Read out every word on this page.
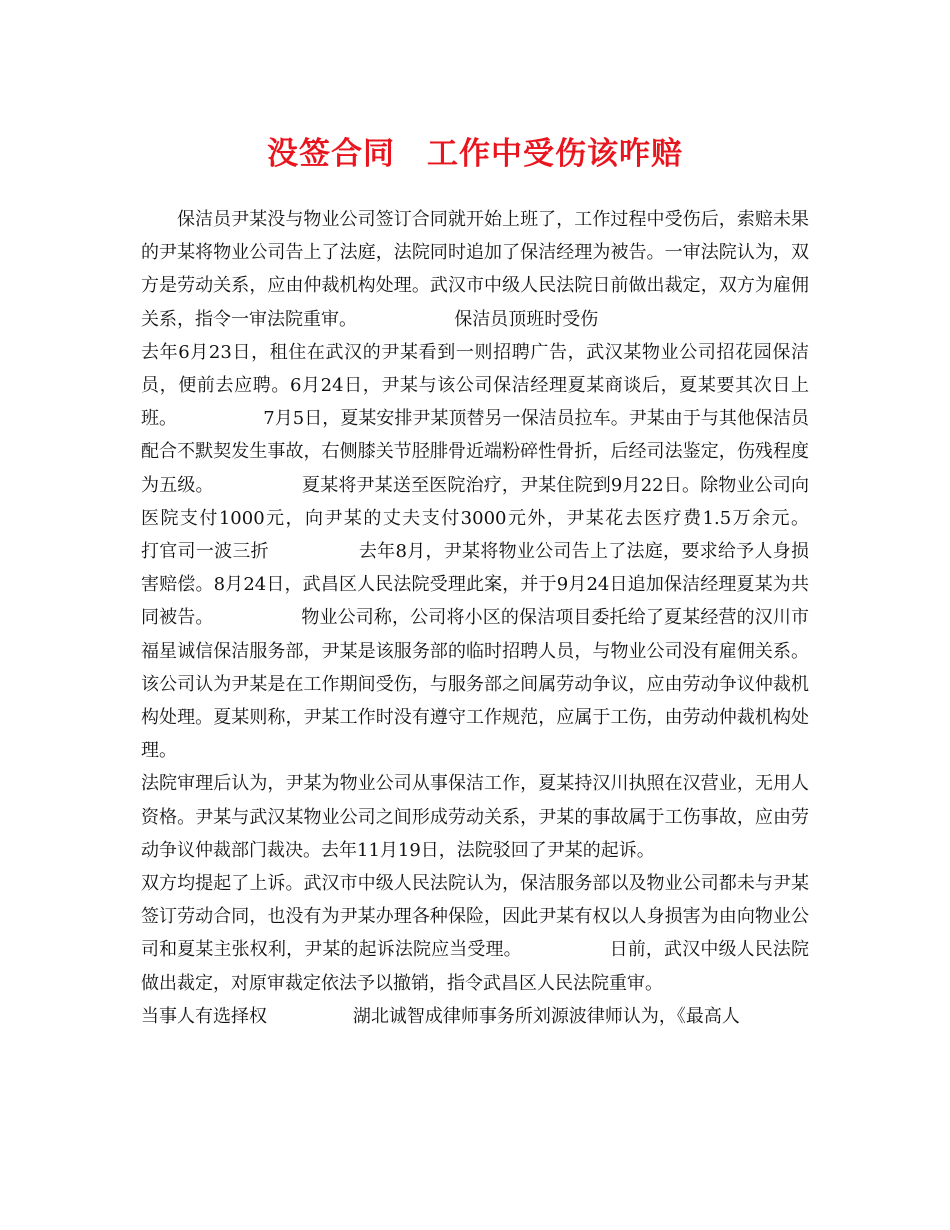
没签合同　工作中受伤该咋赔

保洁员尹某没与物业公司签订合同就开始上班了，工作过程中受伤后，索赔未果的尹某将物业公司告上了法庭，法院同时追加了保洁经理为被告。一审法院认为，双方是劳动关系，应由仲裁机构处理。武汉市中级人民法院日前做出裁定，双方为雇佣关系，指令一审法院重审。                 保洁员顶班时受伤

去年6月23日，租住在武汉的尹某看到一则招聘广告，武汉某物业公司招花园保洁员，便前去应聘。6月24日，尹某与该公司保洁经理夏某商谈后，夏某要其次日上班。               7月5日，夏某安排尹某顶替另一保洁员拉车。尹某由于与其他保洁员配合不默契发生事故，右侧膝关节胫腓骨近端粉碎性骨折，后经司法鉴定，伤残程度为五级。               夏某将尹某送至医院治疗，尹某住院到9月22日。除物业公司向医院支付1000元，向尹某的丈夫支付3000元外，尹某花去医疗费1.5万余元。               打官司一波三折               去年8月，尹某将物业公司告上了法庭，要求给予人身损害赔偿。8月24日，武昌区人民法院受理此案，并于9月24日追加保洁经理夏某为共同被告。               物业公司称，公司将小区的保洁项目委托给了夏某经营的汉川市福星诚信保洁服务部，尹某是该服务部的临时招聘人员，与物业公司没有雇佣关系。该公司认为尹某是在工作期间受伤，与服务部之间属劳动争议，应由劳动争议仲裁机构处理。夏某则称，尹某工作时没有遵守工作规范，应属于工伤，由劳动仲裁机构处理。

法院审理后认为，尹某为物业公司从事保洁工作，夏某持汉川执照在汉营业，无用人资格。尹某与武汉某物业公司之间形成劳动关系，尹某的事故属于工伤事故，应由劳动争议仲裁部门裁决。去年11月19日，法院驳回了尹某的起诉。

双方均提起了上诉。武汉市中级人民法院认为，保洁服务部以及物业公司都未与尹某签订劳动合同，也没有为尹某办理各种保险，因此尹某有权以人身损害为由向物业公司和夏某主张权利，尹某的起诉法院应当受理。               日前，武汉中级人民法院做出裁定，对原审裁定依法予以撤销，指令武昌区人民法院重审。

当事人有选择权               湖北诚智成律师事务所刘源波律师认为，《最高人
